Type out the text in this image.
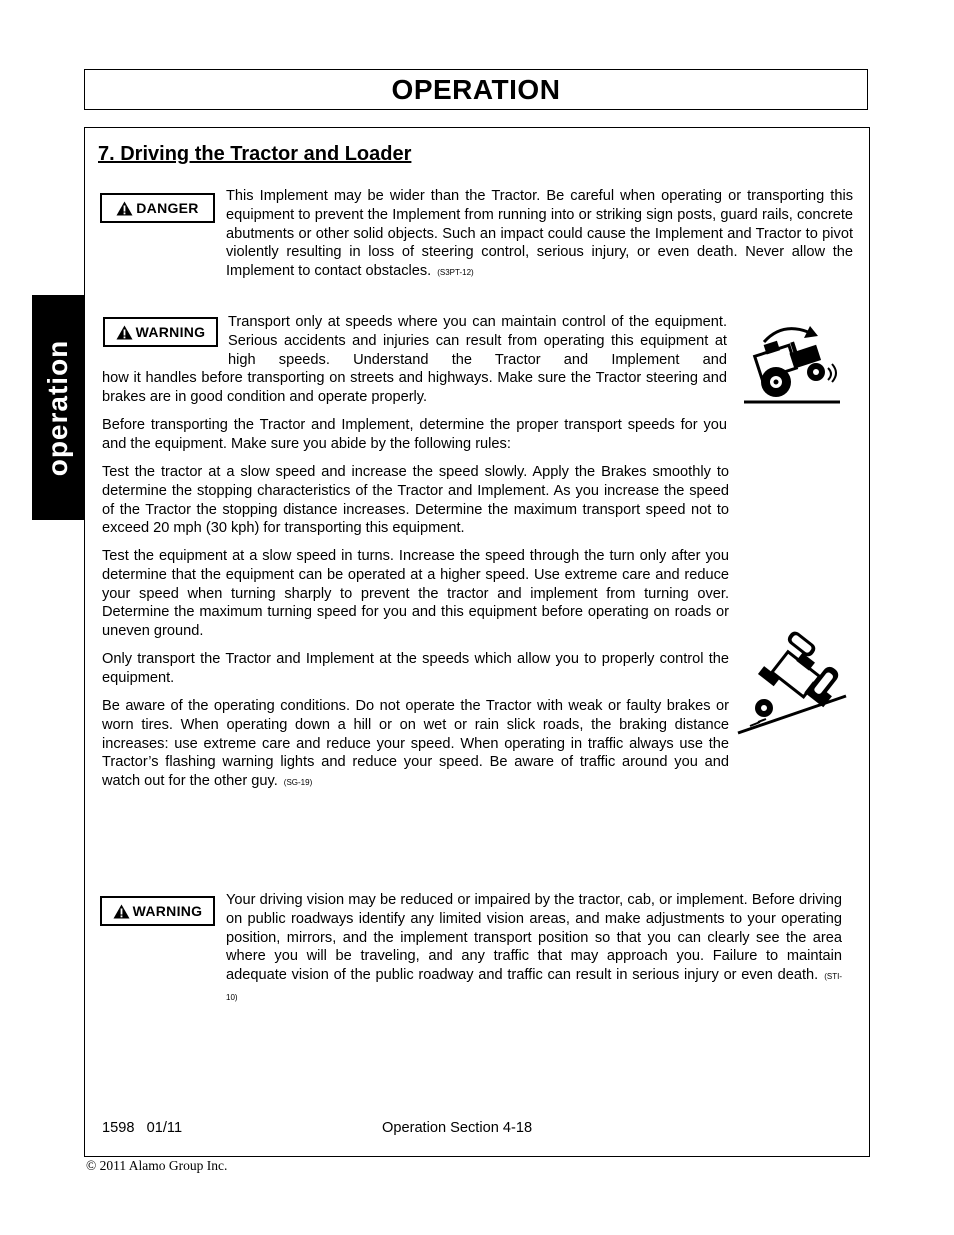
OPERATION
operation
7. Driving the Tractor and Loader
DANGER

This Implement may be wider than the Tractor. Be careful when operating or transporting this equipment to prevent the Implement from running into or striking sign posts, guard rails, concrete abutments or other solid objects. Such an impact could cause the Implement and Tractor to pivot violently resulting in loss of steering control, serious injury, or even death. Never allow the Implement to contact obstacles. (S3PT-12)

WARNING

Transport only at speeds where you can maintain control of the equipment. Serious accidents and injuries can result from operating this equipment at high speeds. Understand the Tractor and Implement and

how it handles before transporting on streets and highways. Make sure the Tractor steering and brakes are in good condition and operate properly.

Before transporting the Tractor and Implement, determine the proper transport speeds for you and the equipment. Make sure you abide by the following rules:

Test the tractor at a slow speed and increase the speed slowly. Apply the Brakes smoothly to determine the stopping characteristics of the Tractor and Implement. As you increase the speed of the Tractor the stopping distance increases. Determine the maximum transport speed not to exceed 20 mph (30 kph) for transporting this equipment.

Test the equipment at a slow speed in turns. Increase the speed through the turn only after you determine that the equipment can be operated at a higher speed. Use extreme care and reduce your speed when turning sharply to prevent the tractor and implement from turning over. Determine the maximum turning speed for you and this equipment before operating on roads or uneven ground.

Only transport the Tractor and Implement at the speeds which allow you to properly control the equipment.

Be aware of the operating conditions. Do not operate the Tractor with weak or faulty brakes or worn tires. When operating down a hill or on wet or rain slick roads, the braking distance increases: use extreme care and reduce your speed. When operating in traffic always use the Tractor’s flashing warning lights and reduce your speed. Be aware of traffic around you and watch out for the other guy. (SG-19)

WARNING

Your driving vision may be reduced or impaired by the tractor, cab, or implement. Before driving on public roadways identify any limited vision areas, and make adjustments to your operating position, mirrors, and the implement transport position so that you can clearly see the area where you will be traveling, and any traffic that may approach you. Failure to maintain adequate vision of the public roadway and traffic can result in serious injury or even death. (STI-10)

1598   01/11	Operation Section 4-18
© 2011 Alamo Group Inc.
